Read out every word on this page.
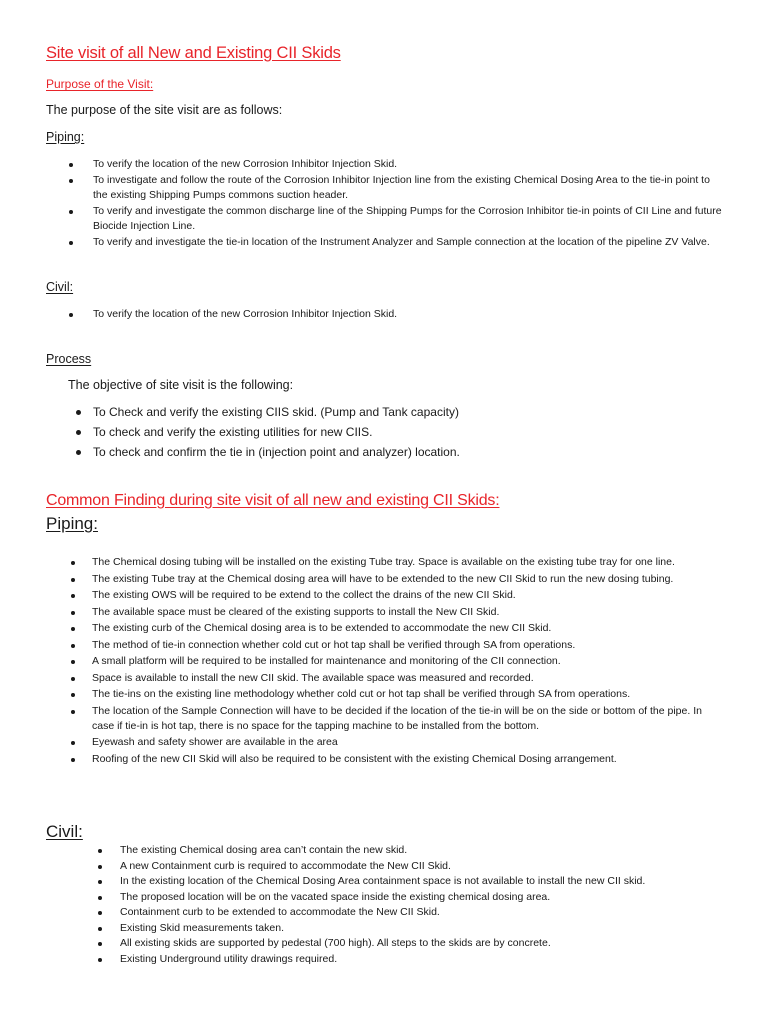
Site visit of all New and Existing CII Skids
Purpose of the Visit:
The purpose of the site visit are as follows:
Piping:
To verify the location of the new Corrosion Inhibitor Injection Skid.
To investigate and follow the route of the Corrosion Inhibitor Injection line from the existing Chemical Dosing Area to the tie-in point to the existing Shipping Pumps commons suction header.
To verify and investigate the common discharge line of the Shipping Pumps for the Corrosion Inhibitor tie-in points of CII Line and future Biocide Injection Line.
To verify and investigate the tie-in location of the Instrument Analyzer and Sample connection at the location of the pipeline ZV Valve.
Civil:
To verify the location of the new Corrosion Inhibitor Injection Skid.
Process
The objective of site visit is the following:
To Check and verify the existing CIIS skid. (Pump and Tank capacity)
To check and verify the existing utilities for new CIIS.
To check and confirm the tie in (injection point and analyzer) location.
Common Finding during site visit of all new and existing CII Skids:
Piping:
The Chemical dosing tubing will be installed on the existing Tube tray. Space is available on the existing tube tray for one line.
The existing Tube tray at the Chemical dosing area will have to be extended to the new CII Skid to run the new dosing tubing.
The existing OWS will be required to be extend to the collect the drains of the new CII Skid.
The available space must be cleared of the existing supports to install the New CII Skid.
The existing curb of the Chemical dosing area is to be extended to accommodate the new CII Skid.
The method of tie-in connection whether cold cut or hot tap shall be verified through SA from operations.
A small platform will be required to be installed for maintenance and monitoring of the CII connection.
Space is available to install the new CII skid. The available space was measured and recorded.
The tie-ins on the existing line methodology whether cold cut or hot tap shall be verified through SA from operations.
The location of the Sample Connection will have to be decided if the location of the tie-in will be on the side or bottom of the pipe. In case if tie-in is hot tap, there is no space for the tapping machine to be installed from the bottom.
Eyewash and safety shower are available in the area
Roofing of the new CII Skid will also be required to be consistent with the existing Chemical Dosing arrangement.
Civil:
The existing Chemical dosing area can’t contain the new skid.
A new Containment curb is required to accommodate the New CII Skid.
In the existing location of the Chemical Dosing Area containment space is not available to install the new CII skid.
The proposed location will be on the vacated space inside the existing chemical dosing area.
Containment curb to be extended to accommodate the New CII Skid.
Existing Skid measurements taken.
All existing skids are supported by pedestal (700 high). All steps to the skids are by concrete.
Existing Underground utility drawings required.
